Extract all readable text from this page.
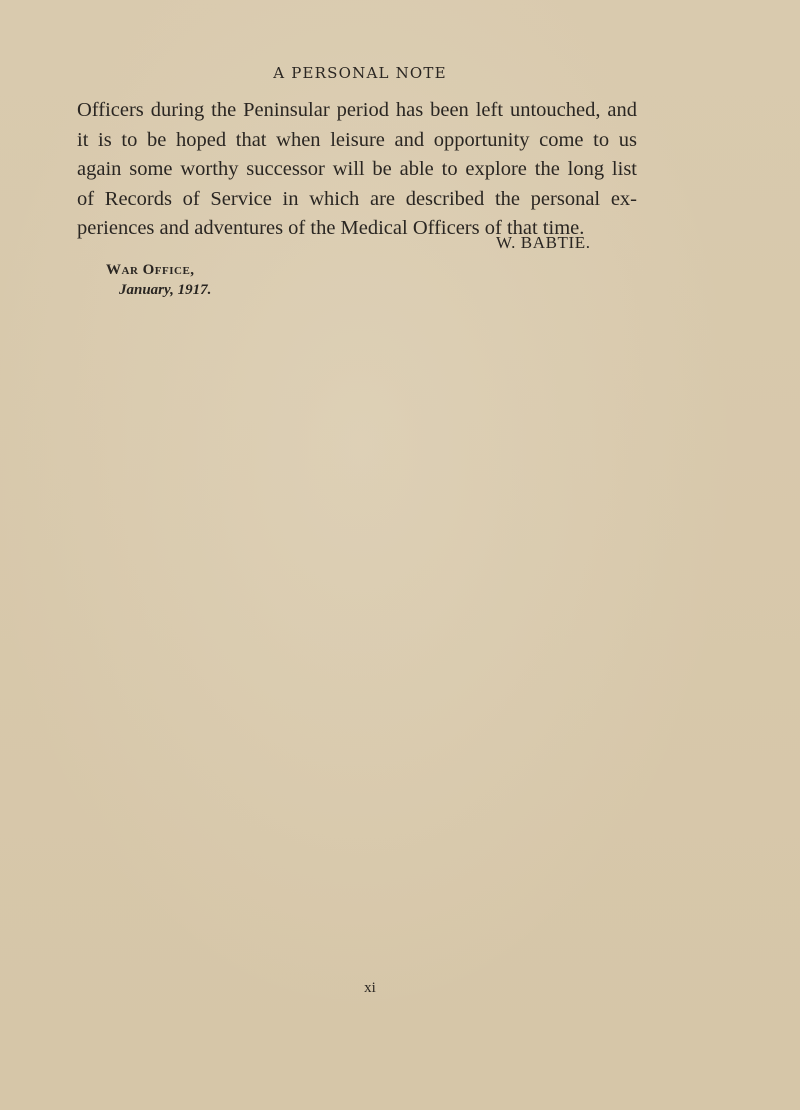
A PERSONAL NOTE
Officers during the Peninsular period has been left untouched, and
it is to be hoped that when leisure and opportunity come to us
again some worthy successor will be able to explore the long list
of Records of Service in which are described the personal ex-
periences and adventures of the Medical Officers of that time.
W. BABTIE.
War Office,
January, 1917.
xi
